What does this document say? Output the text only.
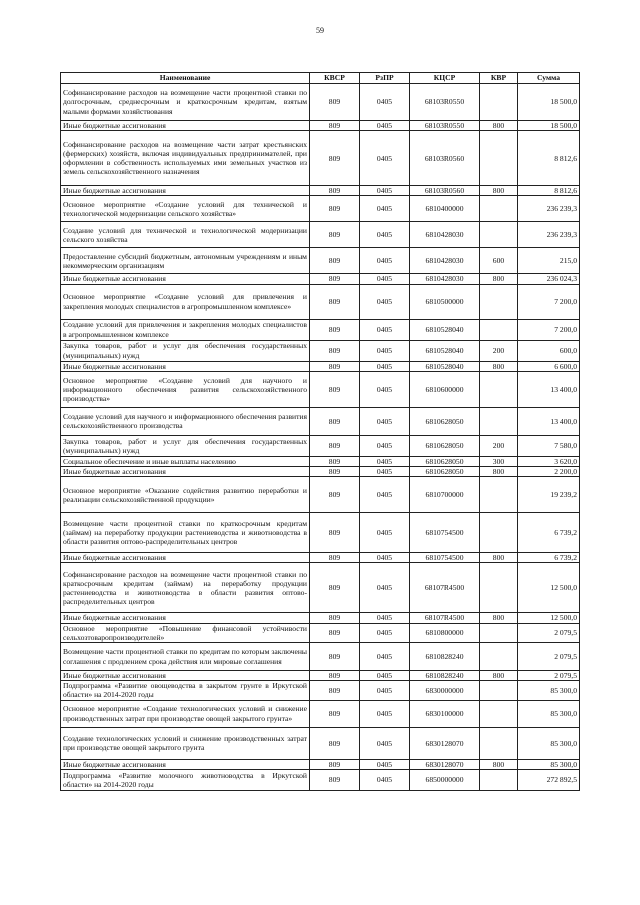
59
Наименование	КВСР	РзПР	КЦСР	КВР	Сумма
Софинансирование расходов на возмещение части процентной ставки по долгосрочным, среднесрочным и краткосрочным кредитам, взятым малыми формами хозяйствования	809	0405	68103R0550		18 500,0
Иные бюджетные ассигнования	809	0405	68103R0550	800	18 500,0
Софинансирование расходов на возмещение части затрат крестьянских (фермерских) хозяйств, включая индивидуальных предпринимателей, при оформлении в собственность используемых ими земельных участков из земель сельскохозяйственного назначения	809	0405	68103R0560		8 812,6
Иные бюджетные ассигнования	809	0405	68103R0560	800	8 812,6
Основное мероприятие «Создание условий для технической и технологической модернизации сельского хозяйства»	809	0405	6810400000		236 239,3
Создание условий для технической и технологической модернизации сельского хозяйства	809	0405	6810428030		236 239,3
Предоставление субсидий бюджетным, автономным учреждениям и иным некоммерческим организациям	809	0405	6810428030	600	215,0
Иные бюджетные ассигнования	809	0405	6810428030	800	236 024,3
Основное мероприятие «Создание условий для привлечения и закрепления молодых специалистов в агропромышленном комплексе»	809	0405	6810500000		7 200,0
Создание условий для привлечения и закрепления молодых специалистов в агропромышленном комплексе	809	0405	6810528040		7 200,0
Закупка товаров, работ и услуг для обеспечения государственных (муниципальных) нужд	809	0405	6810528040	200	600,0
Иные бюджетные ассигнования	809	0405	6810528040	800	6 600,0
Основное мероприятие «Создание условий для научного и информационного обеспечения развития сельскохозяйственного производства»	809	0405	6810600000		13 400,0
Создание условий для научного и информационного обеспечения развития сельскохозяйственного производства	809	0405	6810628050		13 400,0
Закупка товаров, работ и услуг для обеспечения государственных (муниципальных) нужд	809	0405	6810628050	200	7 580,0
Социальное обеспечение и иные выплаты населению	809	0405	6810628050	300	3 620,0
Иные бюджетные ассигнования	809	0405	6810628050	800	2 200,0
Основное мероприятие «Оказание содействия развитию переработки и реализации сельскохозяйственной продукции»	809	0405	6810700000		19 239,2
Возмещение части процентной ставки по краткосрочным кредитам (займам) на переработку продукции растениеводства и животноводства в области развития оптово-распределительных центров	809	0405	6810754500		6 739,2
Иные бюджетные ассигнования	809	0405	6810754500	800	6 739,2
Софинансирование расходов на возмещение части процентной ставки по краткосрочным кредитам (займам) на переработку продукции растениеводства и животноводства в области развития оптово-распределительных центров	809	0405	68107R4500		12 500,0
Иные бюджетные ассигнования	809	0405	68107R4500	800	12 500,0
Основное мероприятие «Повышение финансовой устойчивости сельхозтоваропроизводителей»	809	0405	6810800000		2 079,5
Возмещение части процентной ставки по кредитам по которым заключены соглашения с продлением срока действия или мировые соглашения	809	0405	6810828240		2 079,5
Иные бюджетные ассигнования	809	0405	6810828240	800	2 079,5
Подпрограмма «Развитие овощеводства в закрытом грунте в Иркутской области» на 2014-2020 годы	809	0405	6830000000		85 300,0
Основное мероприятие «Создание технологических условий и снижение производственных затрат при производстве овощей закрытого грунта»	809	0405	6830100000		85 300,0
Создание технологических условий и снижение производственных затрат при производстве овощей закрытого грунта	809	0405	6830128070		85 300,0
Иные бюджетные ассигнования	809	0405	6830128070	800	85 300,0
Подпрограмма «Развитие молочного животноводства в Иркутской области» на 2014-2020 годы	809	0405	6850000000		272 892,5
